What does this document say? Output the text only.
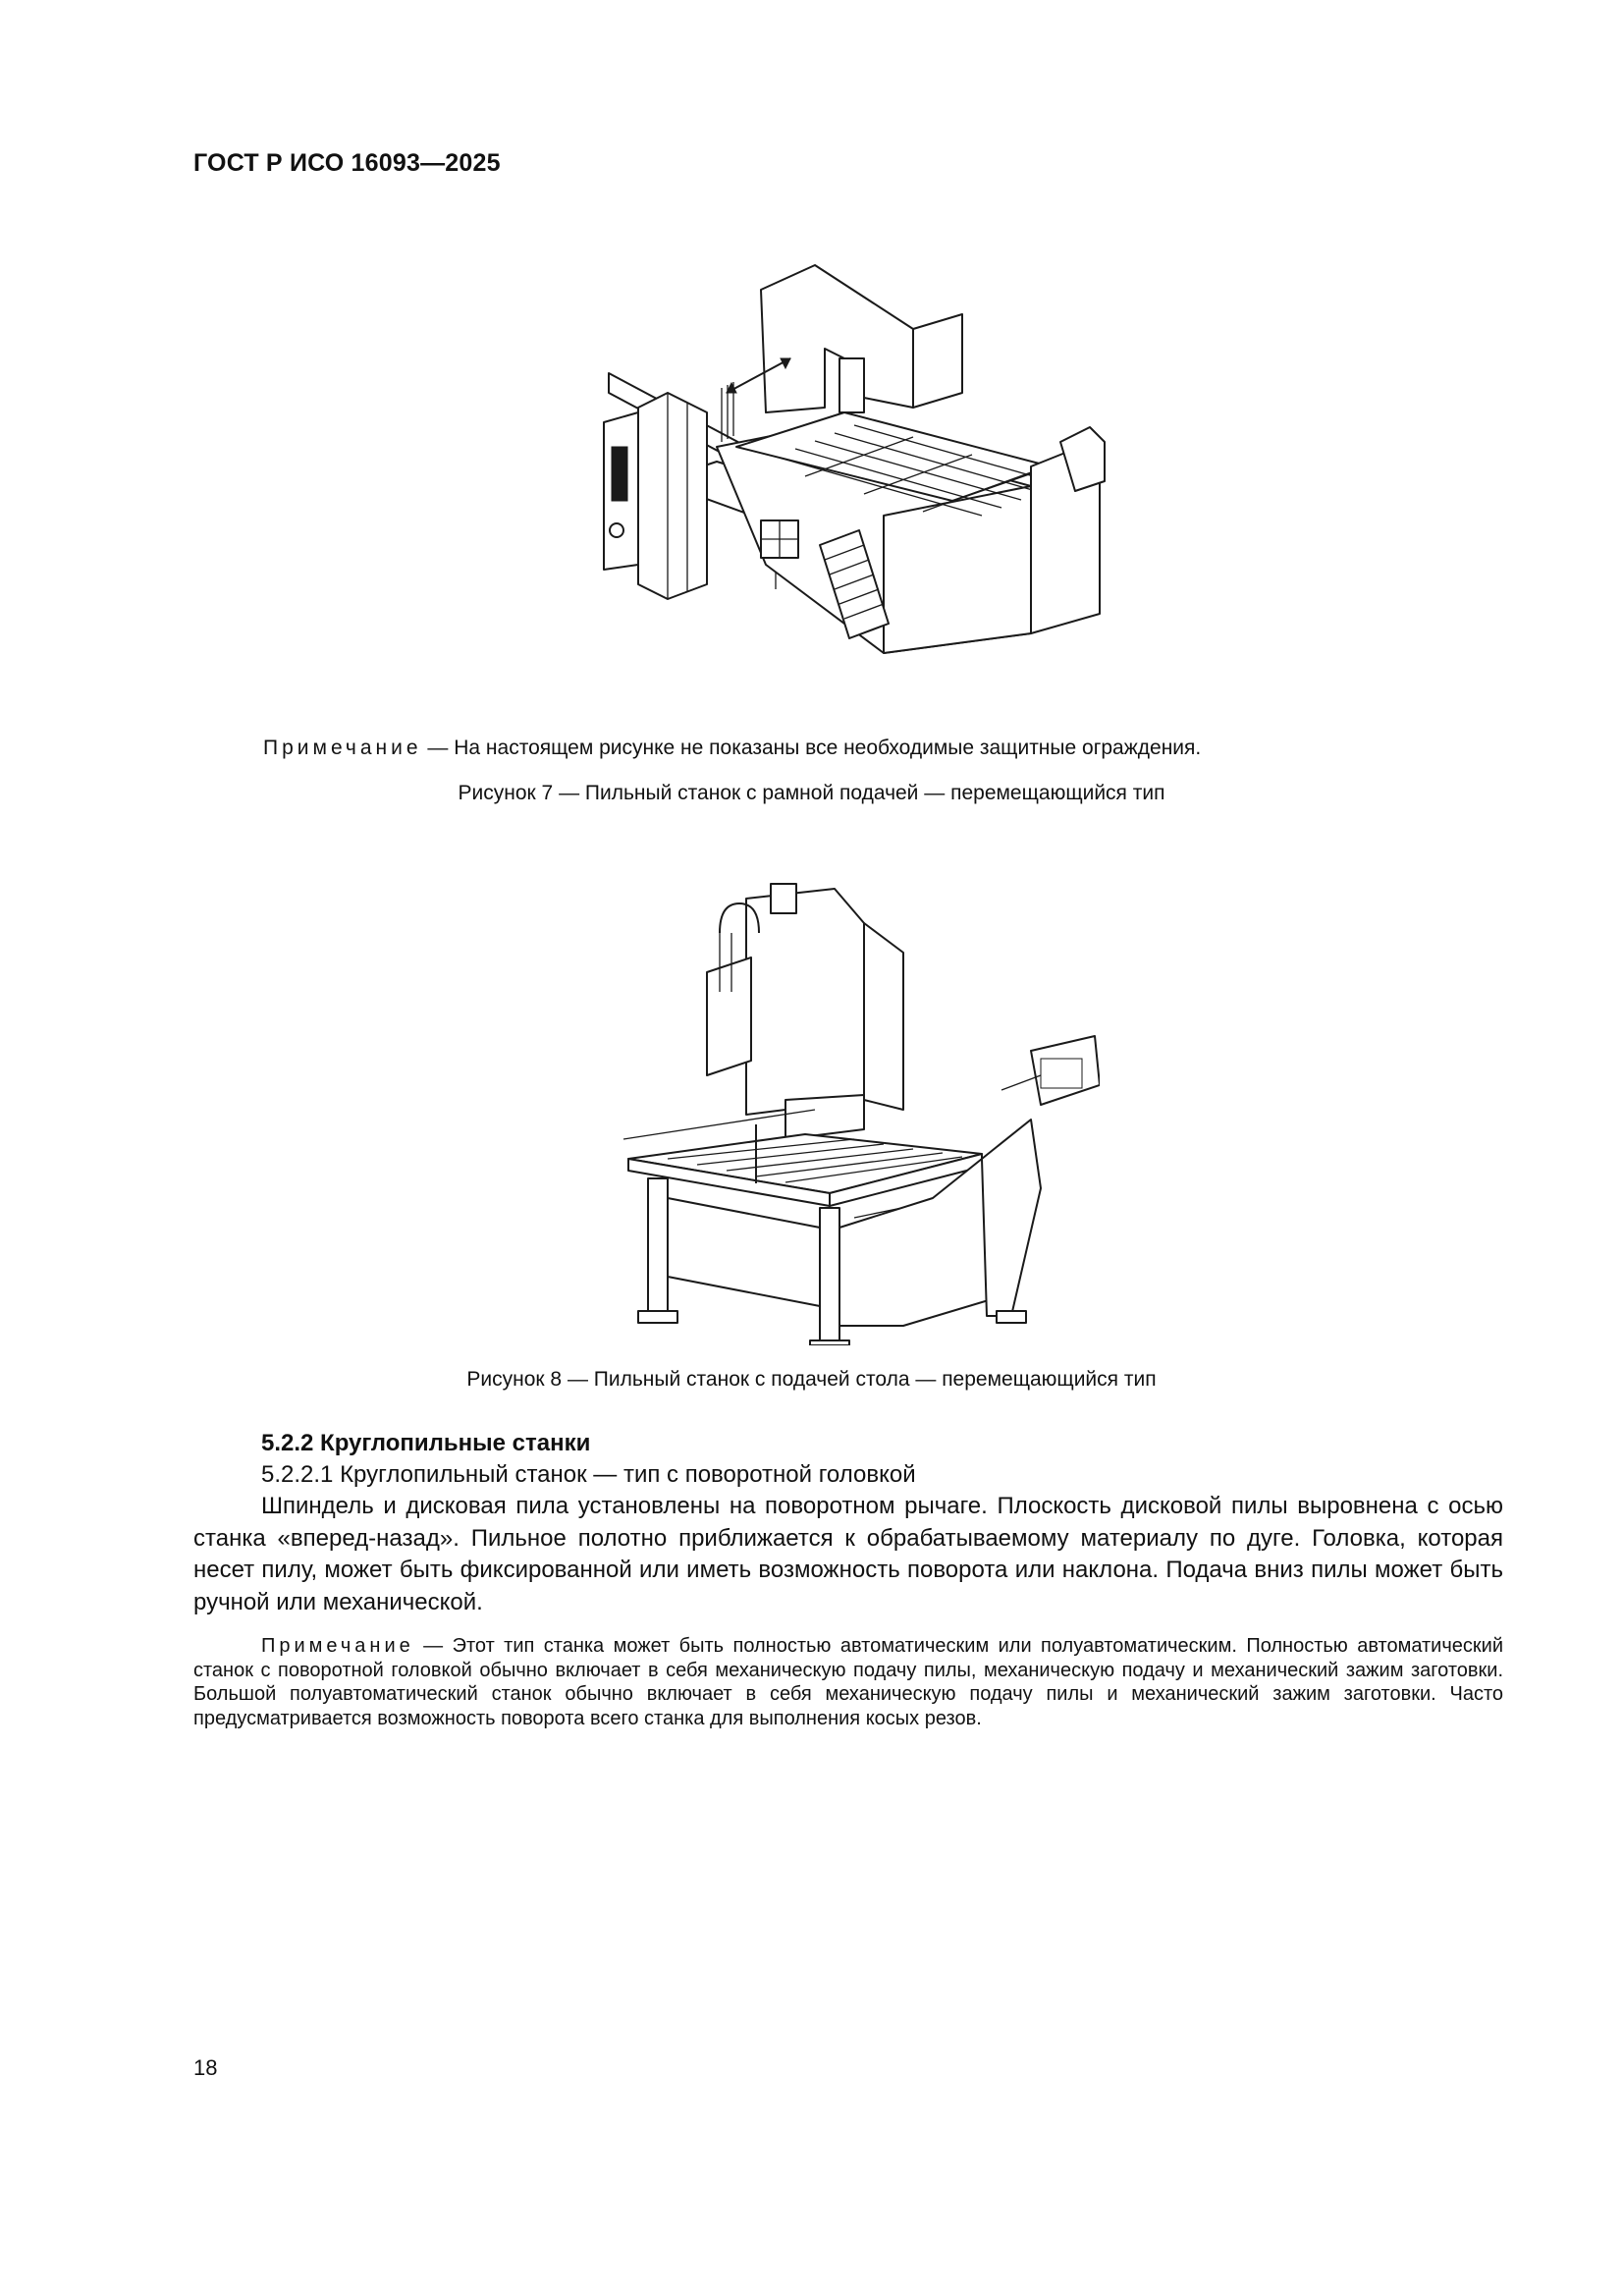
ГОСТ Р ИСО 16093—2025
Примечание — На настоящем рисунке не показаны все необходимые защитные ограждения.
Рисунок 7 — Пильный станок с рамной подачей — перемещающийся тип
Рисунок 8 — Пильный станок с подачей стола — перемещающийся тип
5.2.2 Круглопильные станки
5.2.2.1 Круглопильный станок — тип с поворотной головкой
Шпиндель и дисковая пила установлены на поворотном рычаге. Плоскость дисковой пилы выровнена с осью станка «вперед-назад». Пильное полотно приближается к обрабатываемому материалу по дуге. Головка, которая несет пилу, может быть фиксированной или иметь возможность поворота или наклона. Подача вниз пилы может быть ручной или механической.
Примечание — Этот тип станка может быть полностью автоматическим или полуавтоматическим. Полностью автоматический станок с поворотной головкой обычно включает в себя механическую подачу пилы, механическую подачу и механический зажим заготовки. Большой полуавтоматический станок обычно включает в себя механическую подачу пилы и механический зажим заготовки. Часто предусматривается возможность поворота всего станка для выполнения косых резов.
18
